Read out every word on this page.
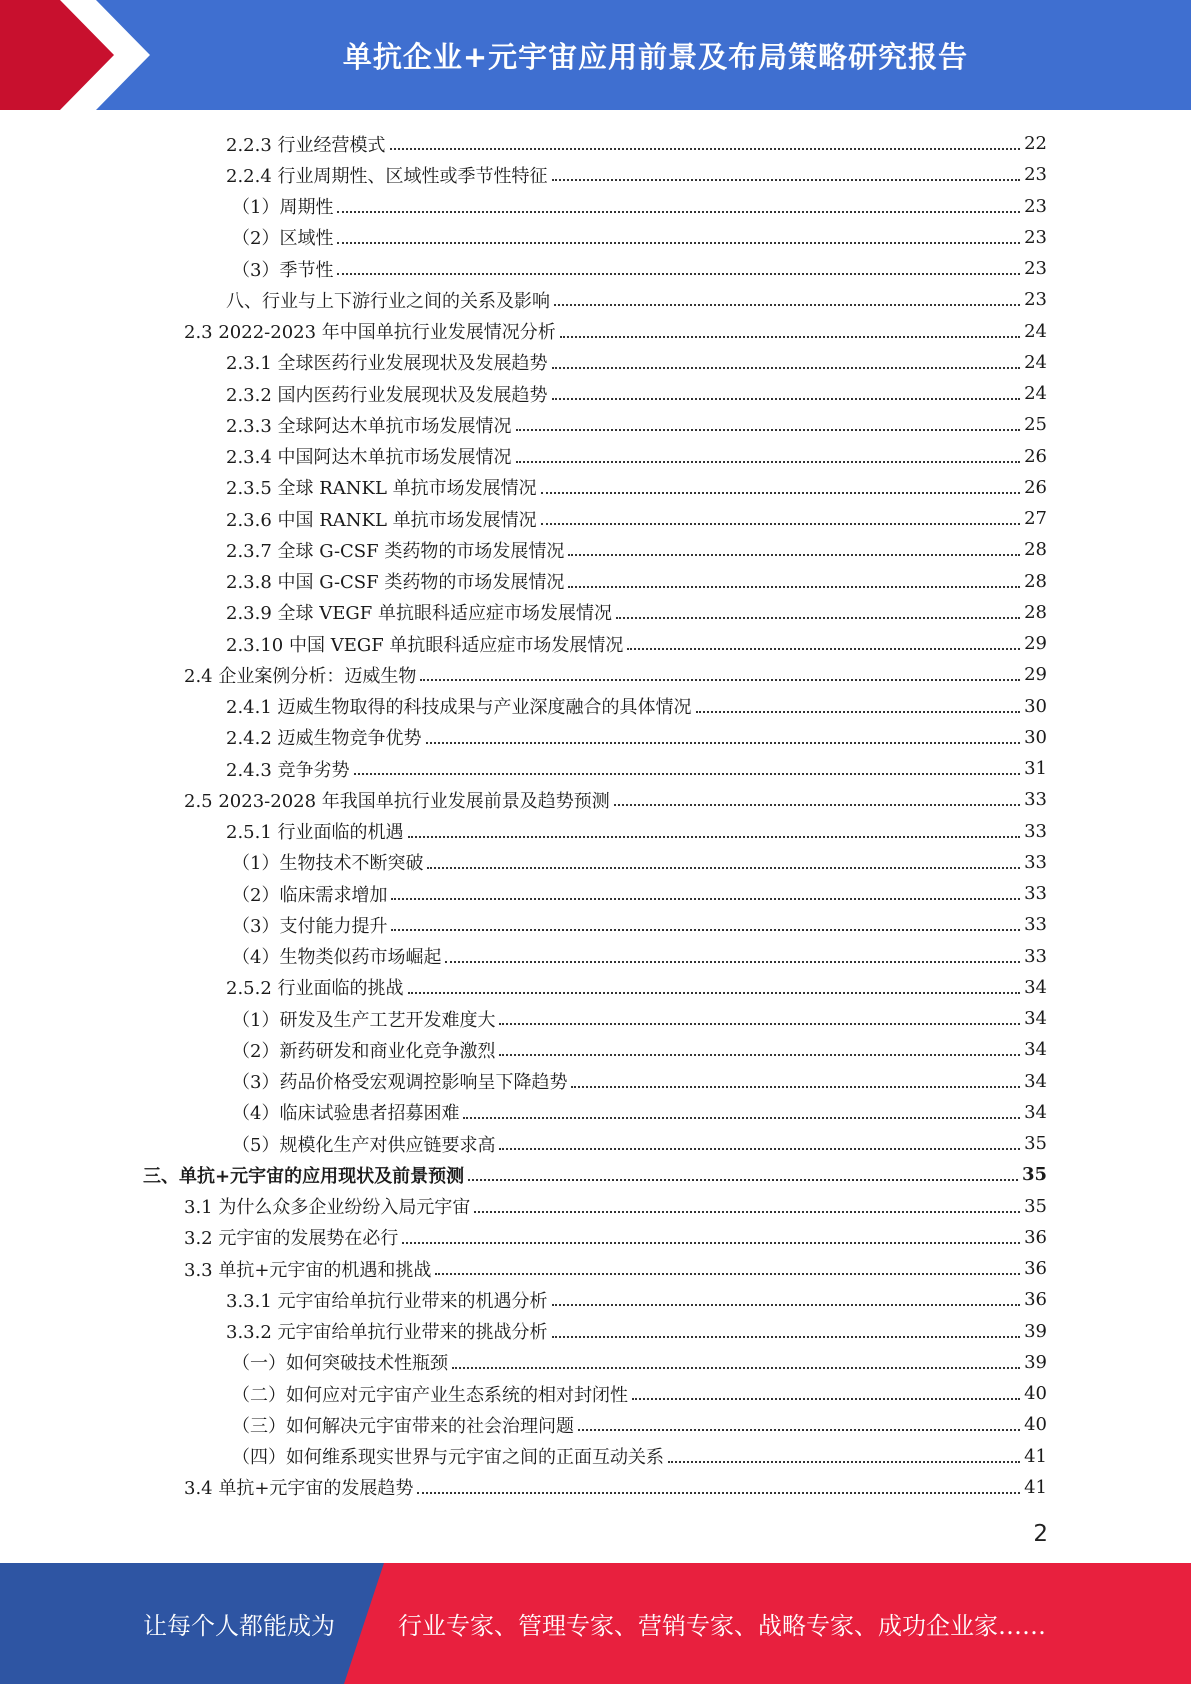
单抗企业+元宇宙应用前景及布局策略研究报告
2.2.3 行业经营模式	22
2.2.4 行业周期性、区域性或季节性特征	23
（1）周期性	23
（2）区域性	23
（3）季节性	23
八、行业与上下游行业之间的关系及影响	23
2.3 2022-2023 年中国单抗行业发展情况分析	24
2.3.1 全球医药行业发展现状及发展趋势	24
2.3.2 国内医药行业发展现状及发展趋势	24
2.3.3 全球阿达木单抗市场发展情况	25
2.3.4 中国阿达木单抗市场发展情况	26
2.3.5 全球 RANKL 单抗市场发展情况	26
2.3.6 中国 RANKL 单抗市场发展情况	27
2.3.7 全球 G-CSF 类药物的市场发展情况	28
2.3.8 中国 G-CSF 类药物的市场发展情况	28
2.3.9 全球 VEGF 单抗眼科适应症市场发展情况	28
2.3.10 中国 VEGF 单抗眼科适应症市场发展情况	29
2.4 企业案例分析：迈威生物	29
2.4.1 迈威生物取得的科技成果与产业深度融合的具体情况	30
2.4.2 迈威生物竞争优势	30
2.4.3 竞争劣势	31
2.5 2023-2028 年我国单抗行业发展前景及趋势预测	33
2.5.1 行业面临的机遇	33
（1）生物技术不断突破	33
（2）临床需求增加	33
（3）支付能力提升	33
（4）生物类似药市场崛起	33
2.5.2 行业面临的挑战	34
（1）研发及生产工艺开发难度大	34
（2）新药研发和商业化竞争激烈	34
（3）药品价格受宏观调控影响呈下降趋势	34
（4）临床试验患者招募困难	34
（5）规模化生产对供应链要求高	35
三、单抗+元宇宙的应用现状及前景预测	35
3.1 为什么众多企业纷纷入局元宇宙	35
3.2 元宇宙的发展势在必行	36
3.3 单抗+元宇宙的机遇和挑战	36
3.3.1 元宇宙给单抗行业带来的机遇分析	36
3.3.2 元宇宙给单抗行业带来的挑战分析	39
（一）如何突破技术性瓶颈	39
（二）如何应对元宇宙产业生态系统的相对封闭性	40
（三）如何解决元宇宙带来的社会治理问题	40
（四）如何维系现实世界与元宇宙之间的正面互动关系	41
3.4 单抗+元宇宙的发展趋势	41
2
让每个人都能成为	行业专家、管理专家、营销专家、战略专家、成功企业家……
